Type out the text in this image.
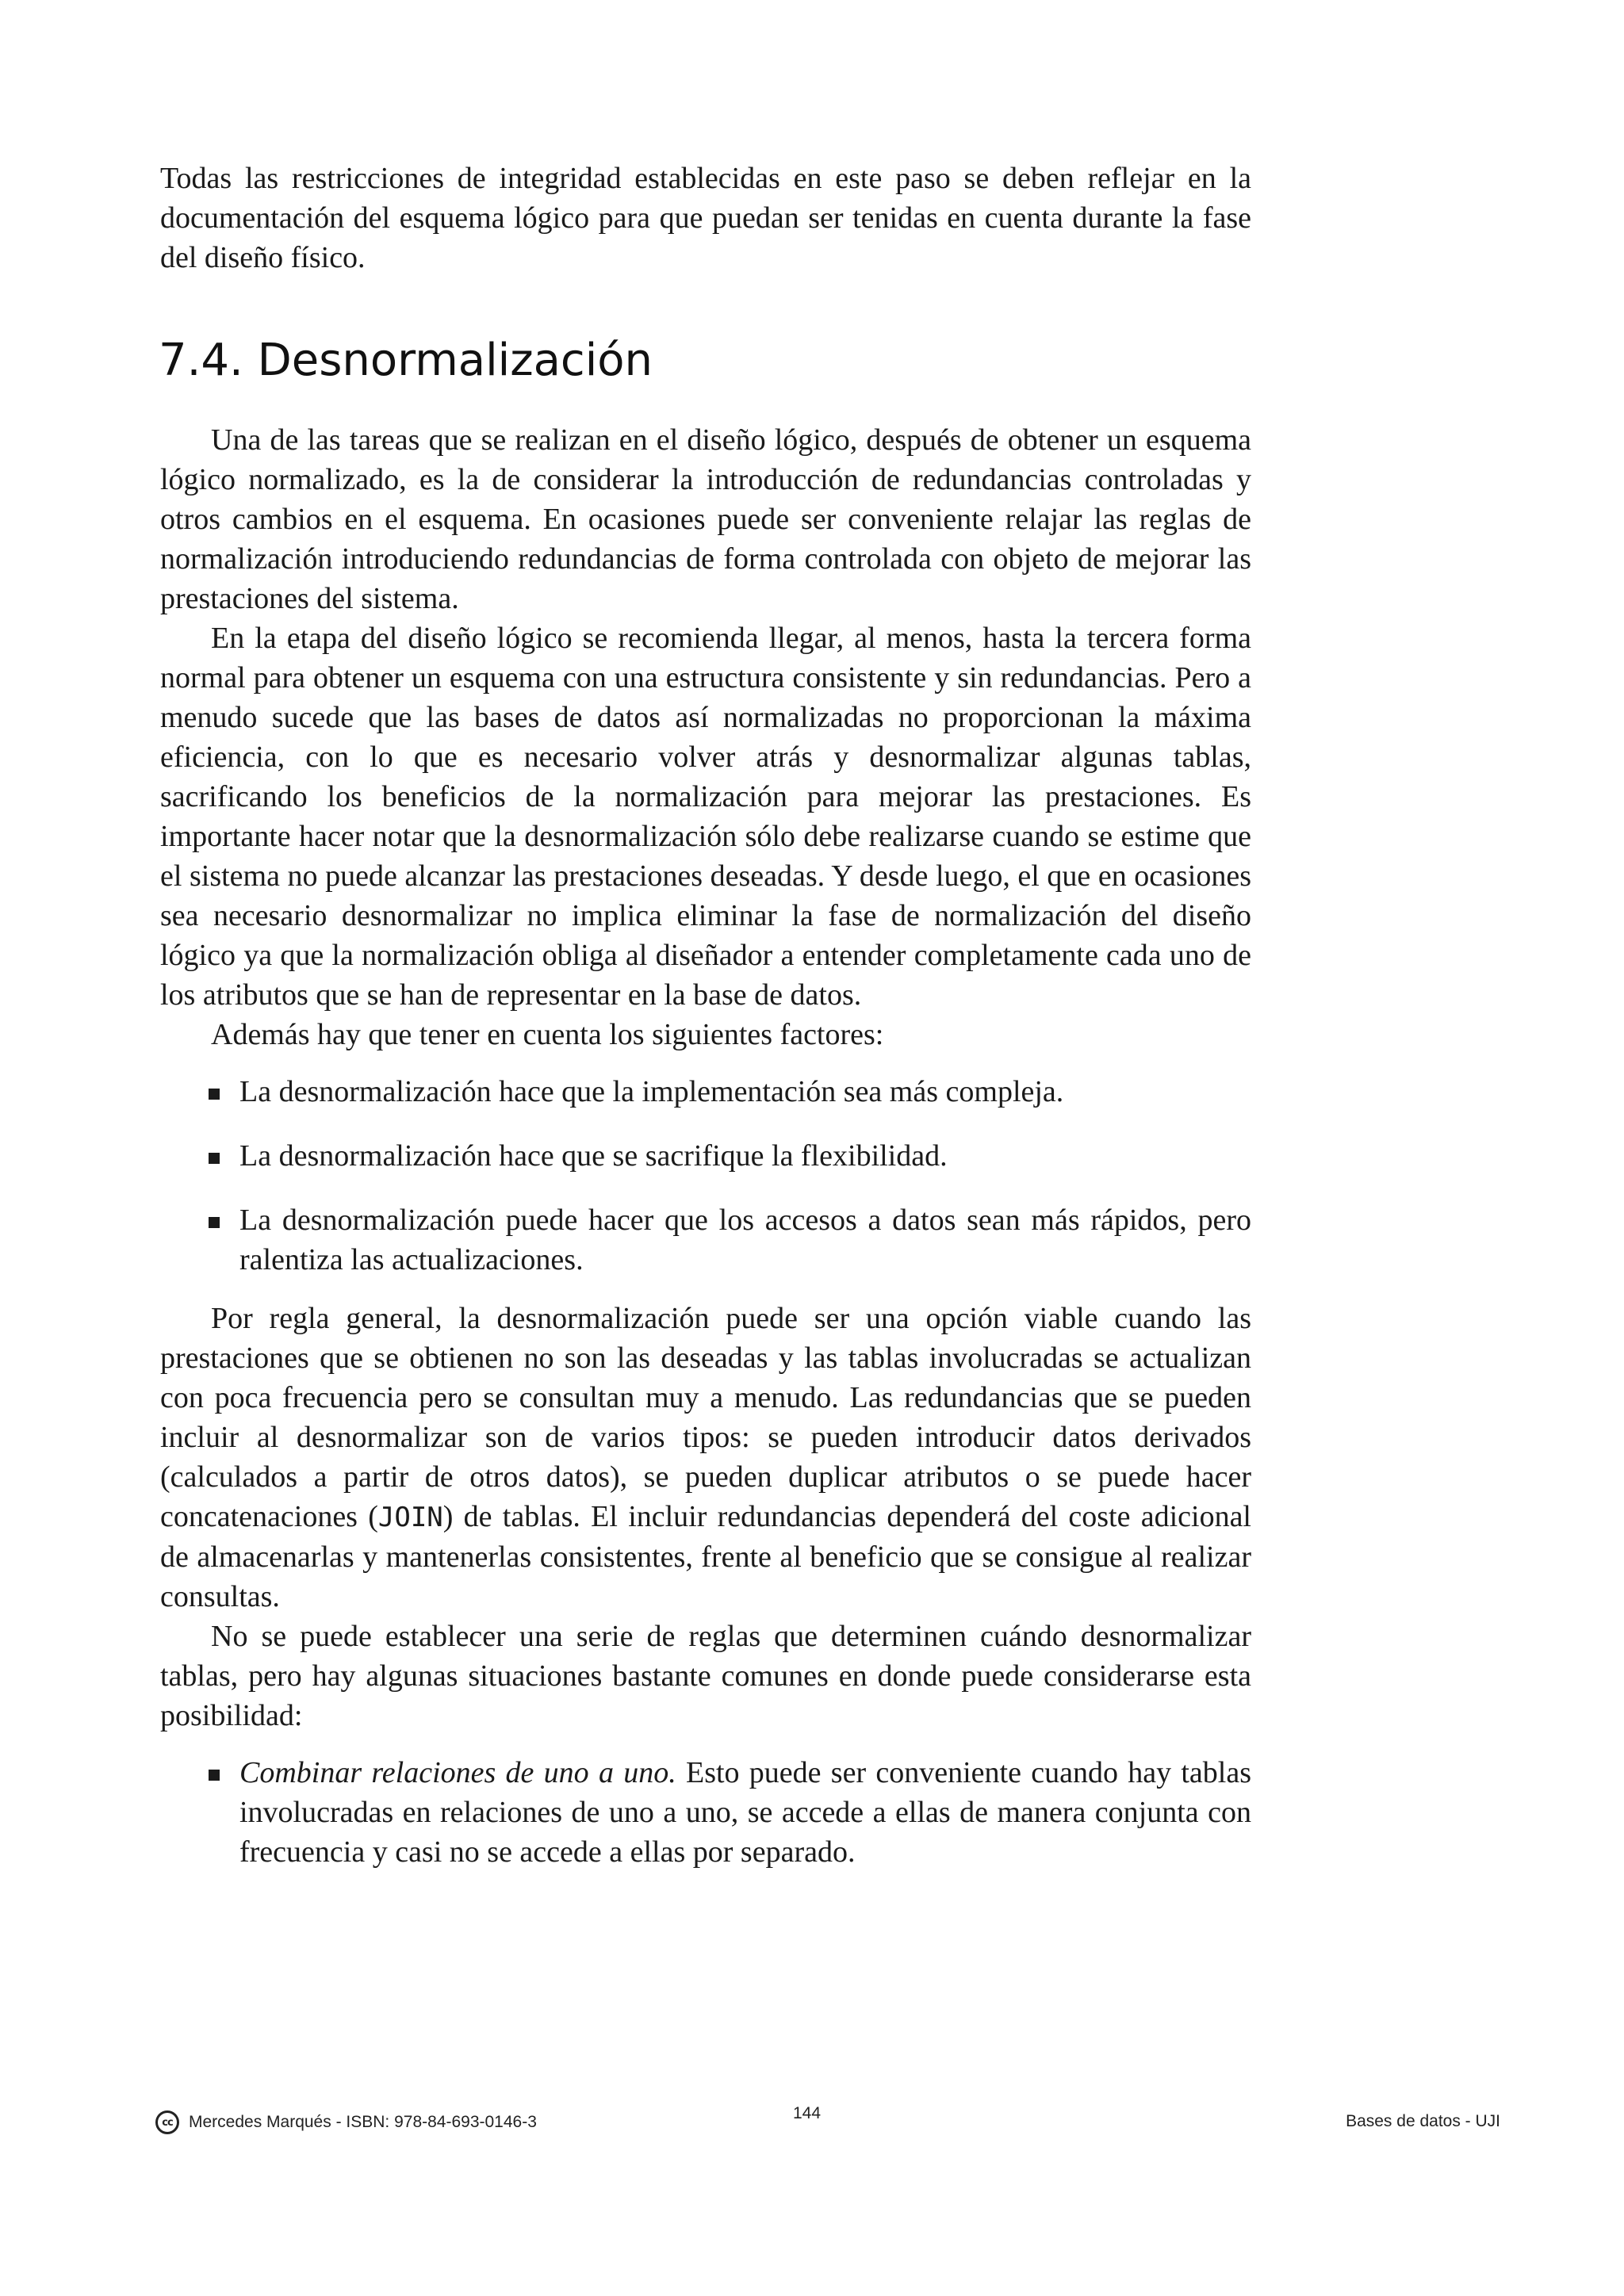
Todas las restricciones de integridad establecidas en este paso se deben reflejar en la documentación del esquema lógico para que puedan ser tenidas en cuenta durante la fase del diseño físico.
7.4. Desnormalización

Una de las tareas que se realizan en el diseño lógico, después de obtener un esquema lógico normalizado, es la de considerar la introducción de redundancias controladas y otros cambios en el esquema. En ocasiones puede ser conveniente relajar las reglas de normalización introduciendo redundancias de forma controlada con objeto de mejorar las prestaciones del sistema.

En la etapa del diseño lógico se recomienda llegar, al menos, hasta la tercera forma normal para obtener un esquema con una estructura consistente y sin redundancias. Pero a menudo sucede que las bases de datos así normalizadas no proporcionan la máxima eficiencia, con lo que es necesario volver atrás y desnormalizar algunas tablas, sacrificando los beneficios de la normalización para mejorar las prestaciones. Es importante hacer notar que la desnormalización sólo debe realizarse cuando se estime que el sistema no puede alcanzar las prestaciones deseadas. Y desde luego, el que en ocasiones sea necesario desnormalizar no implica eliminar la fase de normalización del diseño lógico ya que la normalización obliga al diseñador a entender completamente cada uno de los atributos que se han de representar en la base de datos.

Además hay que tener en cuenta los siguientes factores:

La desnormalización hace que la implementación sea más compleja.
La desnormalización hace que se sacrifique la flexibilidad.
La desnormalización puede hacer que los accesos a datos sean más rápidos, pero ralentiza las actualizaciones.

Por regla general, la desnormalización puede ser una opción viable cuando las prestaciones que se obtienen no son las deseadas y las tablas involucradas se actualizan con poca frecuencia pero se consultan muy a menudo. Las redundancias que se pueden incluir al desnormalizar son de varios tipos: se pueden introducir datos derivados (calculados a partir de otros datos), se pueden duplicar atributos o se puede hacer concatenaciones (JOIN) de tablas. El incluir redundancias dependerá del coste adicional de almacenarlas y mantenerlas consistentes, frente al beneficio que se consigue al realizar consultas.

No se puede establecer una serie de reglas que determinen cuándo desnormalizar tablas, pero hay algunas situaciones bastante comunes en donde puede considerarse esta posibilidad:

Combinar relaciones de uno a uno. Esto puede ser conveniente cuando hay tablas involucradas en relaciones de uno a uno, se accede a ellas de manera conjunta con frecuencia y casi no se accede a ellas por separado.
cc Mercedes Marqués - ISBN: 978-84-693-0146-3	144	Bases de datos - UJI
